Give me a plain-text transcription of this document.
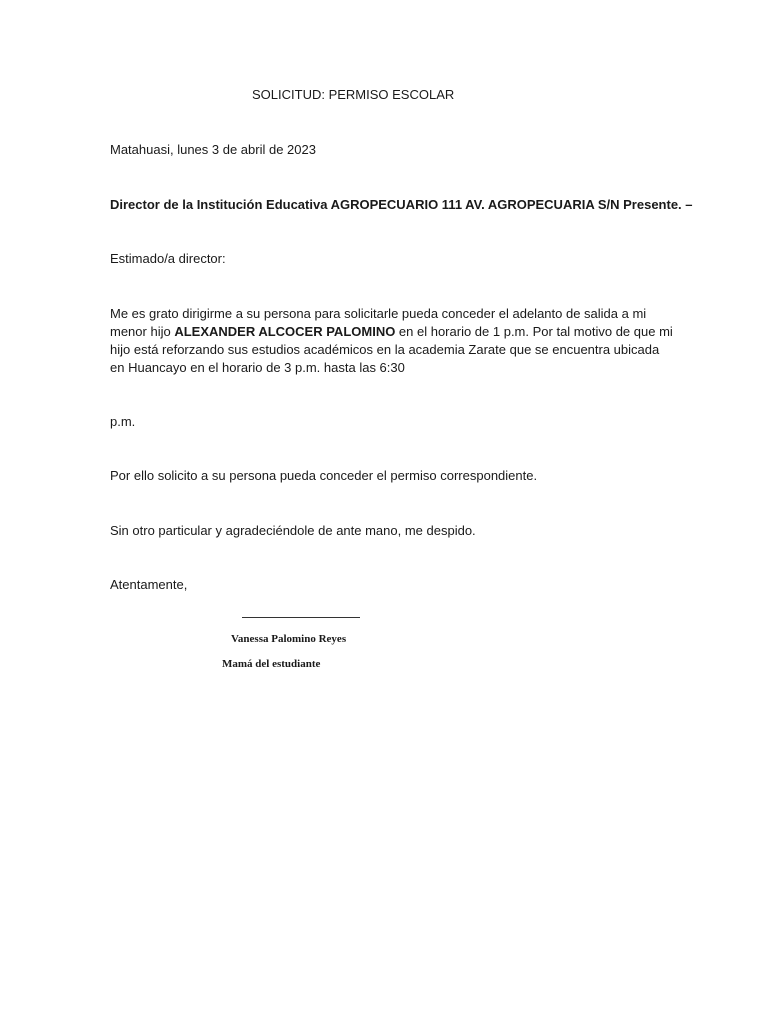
SOLICITUD: PERMISO ESCOLAR
Matahuasi, lunes 3 de abril de 2023
Director de la Institución Educativa AGROPECUARIO 111 AV. AGROPECUARIA S/N Presente. –
Estimado/a director:
Me es grato dirigirme a su persona para solicitarle pueda conceder el adelanto de salida a mi
menor hijo ALEXANDER ALCOCER PALOMINO en el horario de 1 p.m. Por tal motivo de que mi
hijo está reforzando sus estudios académicos en la academia Zarate que se encuentra ubicada
en Huancayo en el horario de 3 p.m. hasta las 6:30
p.m.
Por ello solicito a su persona pueda conceder el permiso correspondiente.
Sin otro particular y agradeciéndole de ante mano, me despido.
Atentamente,
Vanessa Palomino Reyes
Mamá del estudiante
